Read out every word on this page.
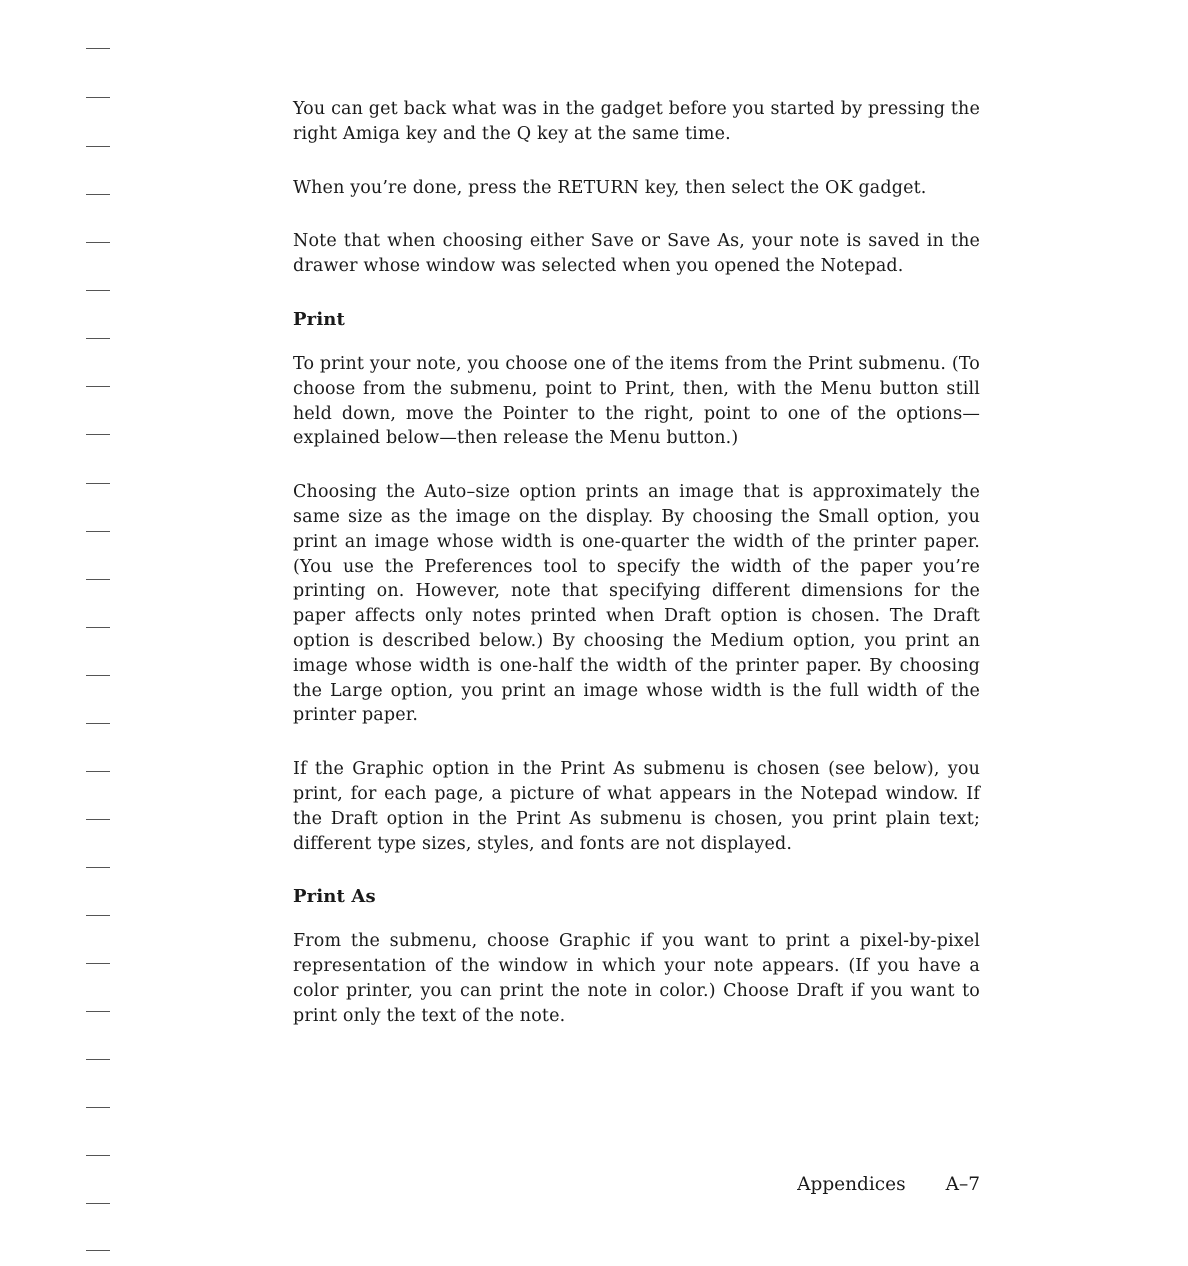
You can get back what was in the gadget before you started by pressing the right Amiga key and the Q key at the same time.

When you’re done, press the RETURN key, then select the OK gadget.

Note that when choosing either Save or Save As, your note is saved in the drawer whose window was selected when you opened the Notepad.

Print

To print your note, you choose one of the items from the Print submenu. (To choose from the submenu, point to Print, then, with the Menu button still held down, move the Pointer to the right, point to one of the options—explained below—then release the Menu button.)

Choosing the Auto–size option prints an image that is approximately the same size as the image on the display. By choosing the Small option, you print an image whose width is one-quarter the width of the printer paper. (You use the Preferences tool to specify the width of the paper you’re printing on. However, note that specifying different dimensions for the paper affects only notes printed when Draft option is chosen. The Draft option is described below.) By choosing the Medium option, you print an image whose width is one-half the width of the printer paper. By choosing the Large option, you print an image whose width is the full width of the printer paper.

If the Graphic option in the Print As submenu is chosen (see below), you print, for each page, a picture of what appears in the Notepad window. If the Draft option in the Print As submenu is chosen, you print plain text; different type sizes, styles, and fonts are not displayed.

Print As

From the submenu, choose Graphic if you want to print a pixel-by-pixel representation of the window in which your note appears. (If you have a color printer, you can print the note in color.) Choose Draft if you want to print only the text of the note.

Appendices A–7
